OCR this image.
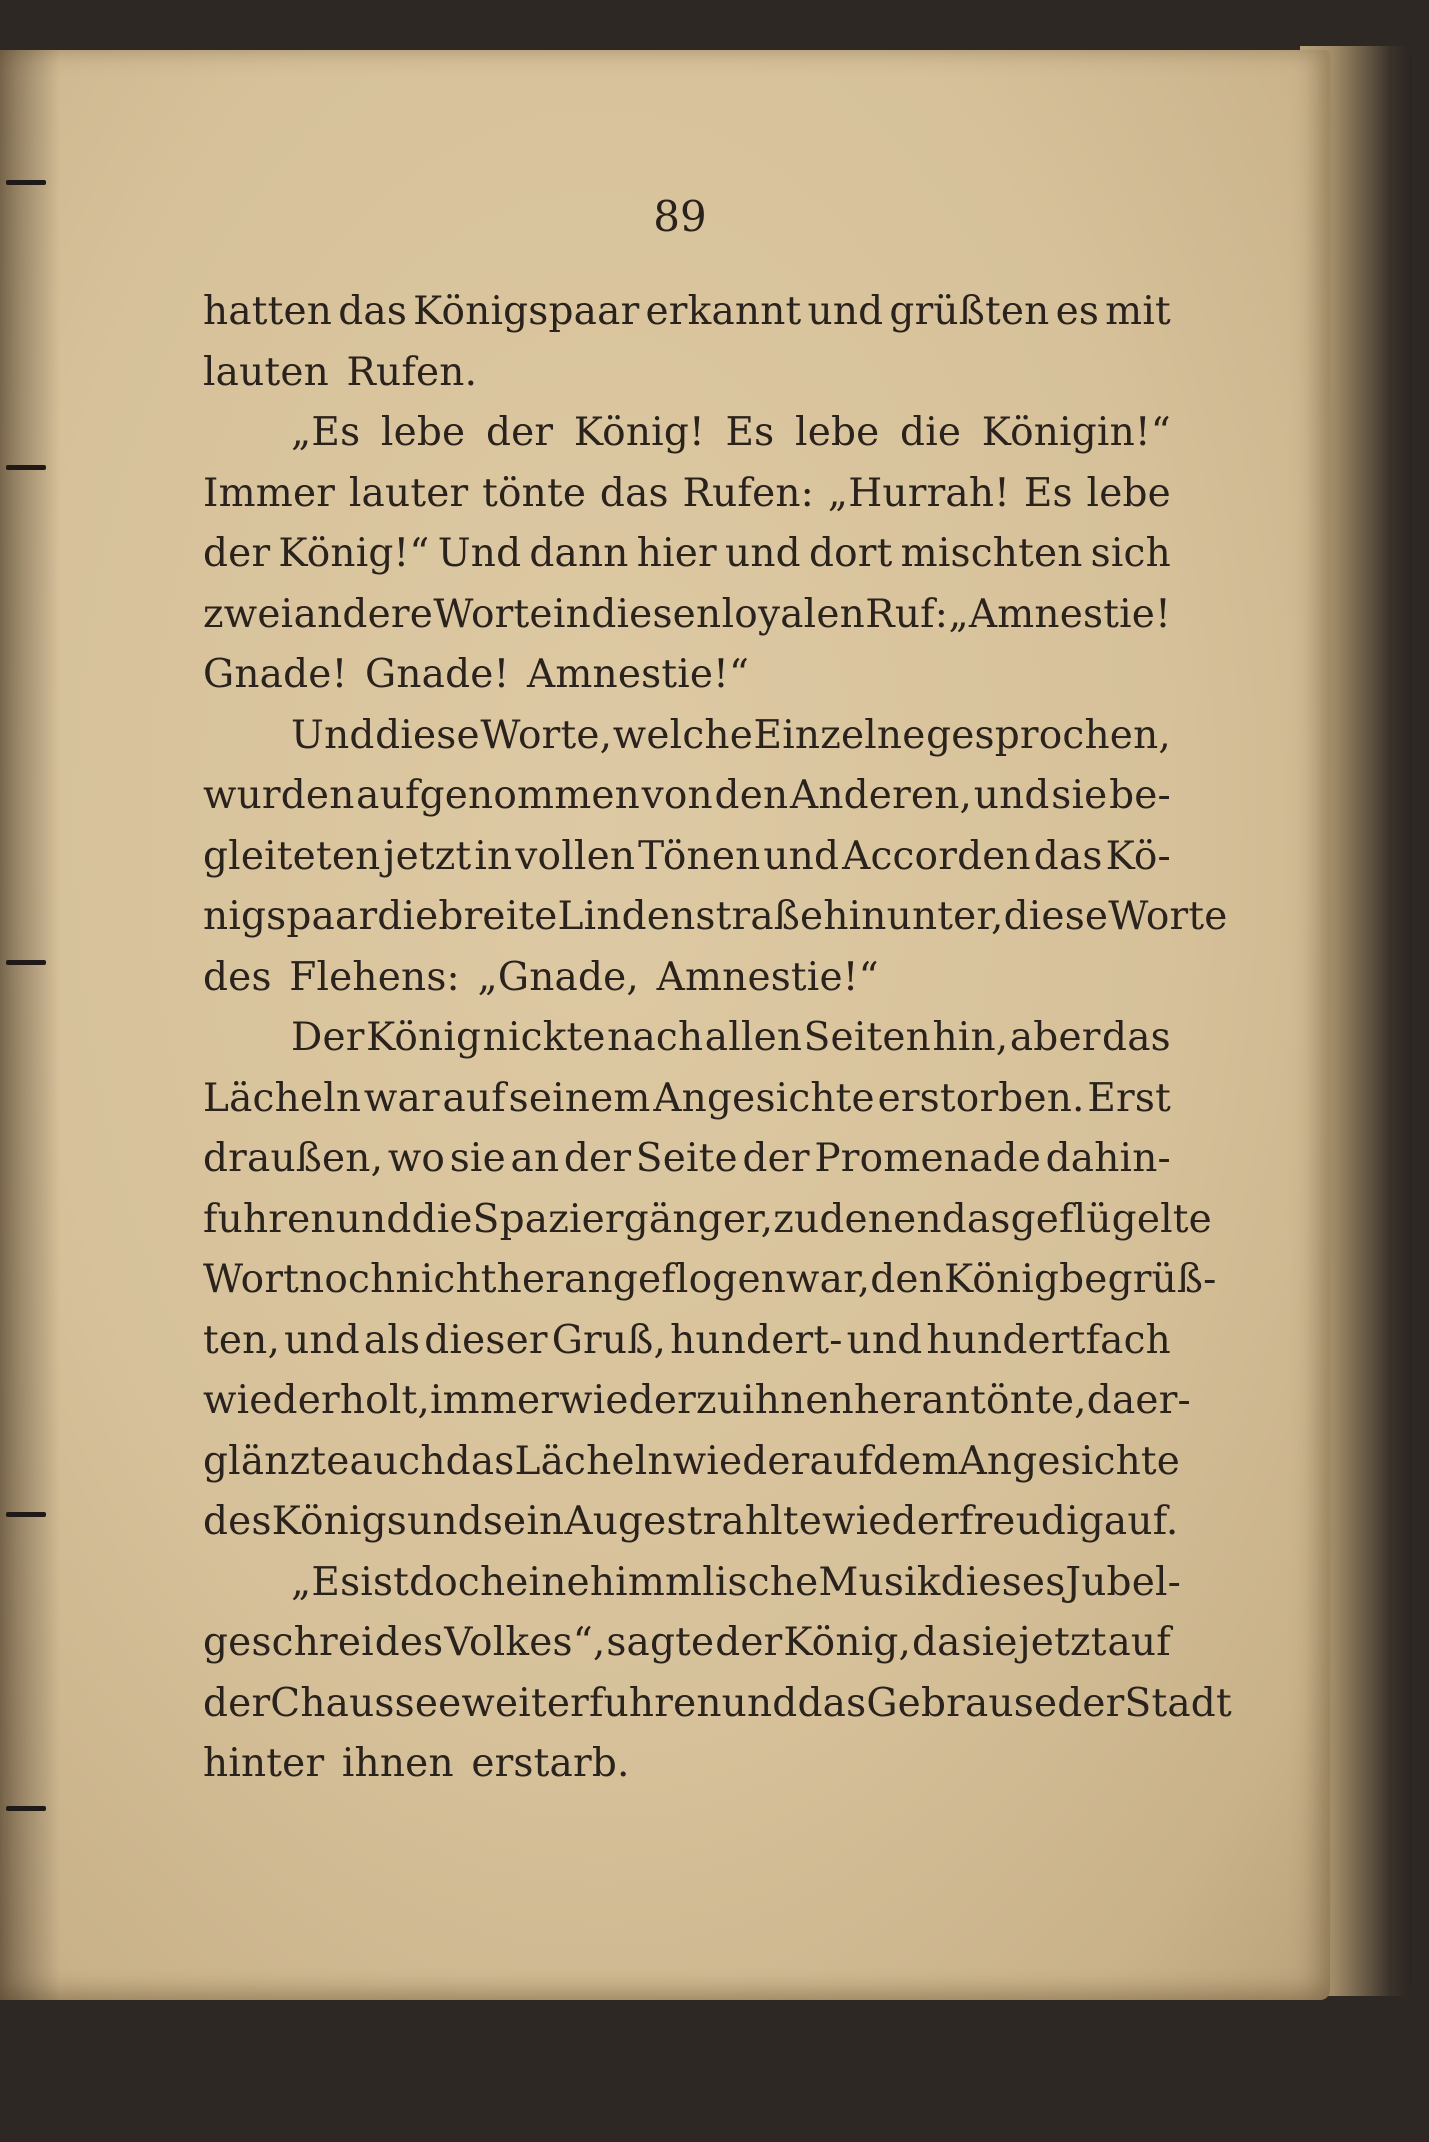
89
hatten das Königspaar erkannt und grüßten es mit
lauten Rufen.
„Es lebe der König! Es lebe die Königin!“
Immer lauter tönte das Rufen: „Hurrah! Es lebe
der König!“ Und dann hier und dort mischten sich
zwei andere Worte in diesen loyalen Ruf: „Amnestie!
Gnade! Gnade! Amnestie!“
Und diese Worte, welche Einzelne gesprochen,
wurden aufgenommen von den Anderen, und sie be-
gleiteten jetzt in vollen Tönen und Accorden das Kö-
nigspaar die breite Lindenstraße hinunter, diese Worte
des Flehens: „Gnade, Amnestie!“
Der König nickte nach allen Seiten hin, aber das
Lächeln war auf seinem Angesichte erstorben. Erst
draußen, wo sie an der Seite der Promenade dahin-
fuhren und die Spaziergänger, zu denen das geflügelte
Wort noch nicht herangeflogen war, den König begrüß-
ten, und als dieser Gruß, hundert- und hundertfach
wiederholt, immer wieder zu ihnen herantönte, da er-
glänzte auch das Lächeln wieder auf dem Angesichte
des Königs und sein Auge strahlte wieder freudig auf.
„Es ist doch eine himmlische Musik dieses Jubel-
geschrei des Volkes“, sagte der König, da sie jetzt auf
der Chaussee weiterfuhren und das Gebrause der Stadt
hinter ihnen erstarb.
